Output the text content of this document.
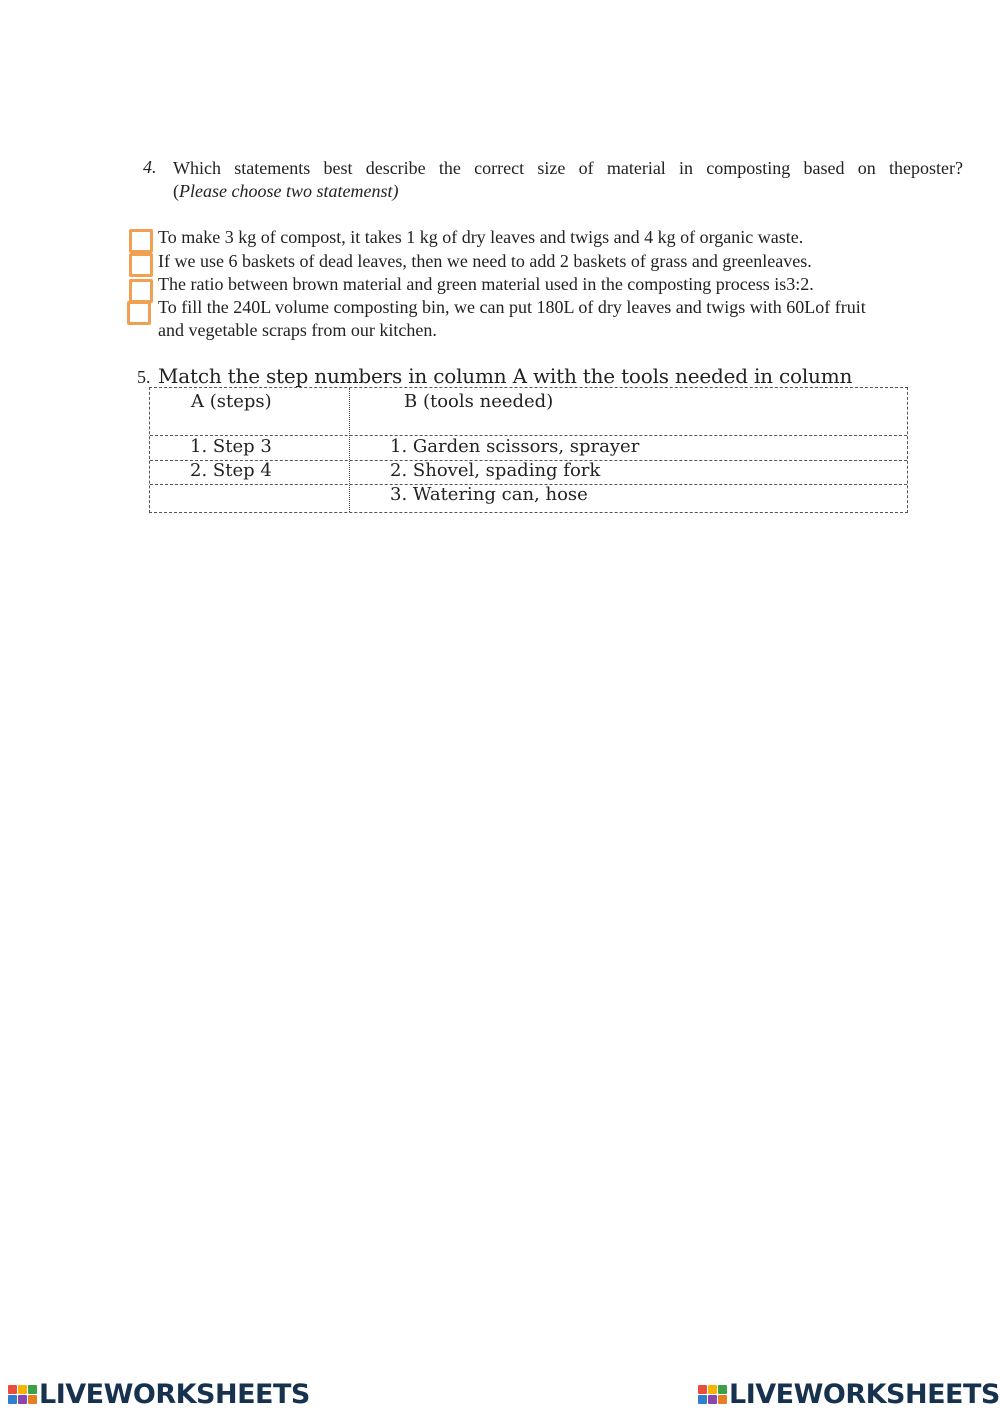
4. Which statements best describe the correct size of material in composting based on theposter?
(Please choose two statemenst)
To make 3 kg of compost, it takes 1 kg of dry leaves and twigs and 4 kg of organic waste.
If we use 6 baskets of dead leaves, then we need to add 2 baskets of grass and greenleaves.
The ratio between brown material and green material used in the composting process is3:2.
To fill the 240L volume composting bin, we can put 180L of dry leaves and twigs with 60Lof fruit
and vegetable scraps from our kitchen.
5. Match the step numbers in column A with the tools needed in column
A (steps)	B (tools needed)
1. Step 3
2. Step 4
1. Garden scissors, sprayer
2. Shovel, spading fork
3. Watering can, hose
LIVEWORKSHEETS	LIVEWORKSHEETS
